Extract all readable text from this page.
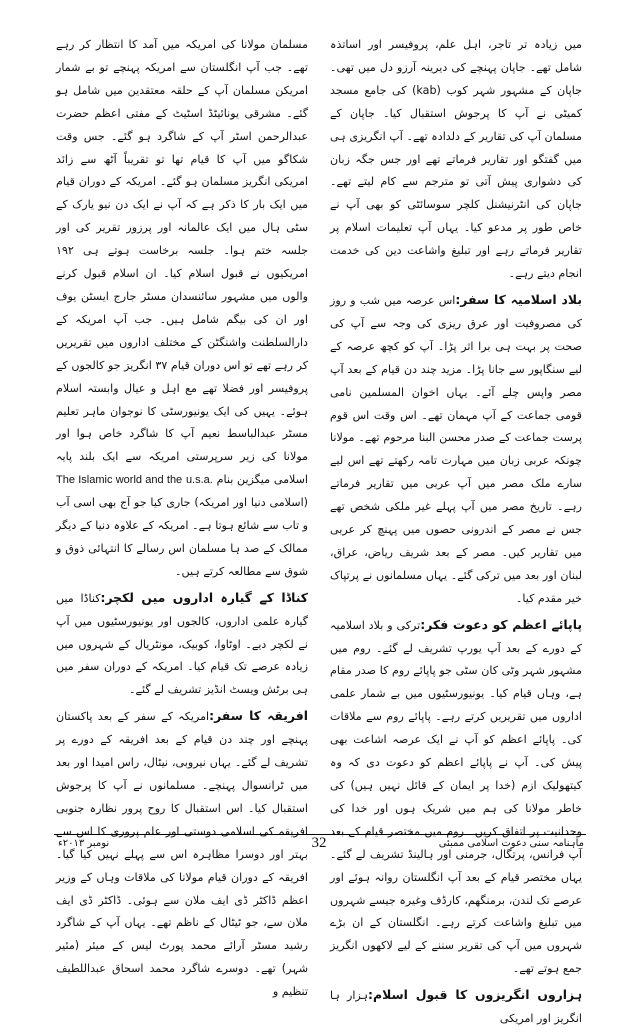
میں زیادہ تر تاجر، اہل علم، پروفیسر اور اساتذہ شامل تھے۔ جاپان پہنچے کی دیرینہ آرزو دل میں تھی۔ جاپان کے مشہور شہر کوب (kab) کی جامع مسجد کمیٹی نے آپ کا پرجوش استقبال کیا۔ جاپان کے مسلمان آپ کی تقاریر کے دلدادہ تھے۔ آپ انگریزی ہی میں گفتگو اور تقاریر فرماتے تھے اور جس جگہ زبان کی دشواری پیش آتی تو مترجم سے کام لیتے تھے۔ جاپان کی انٹرنیشنل کلچر سوسائٹی کو بھی آپ نے خاص طور پر مدعو کیا۔ یہاں آپ تعلیمات اسلام پر تقاریر فرماتے رہے اور تبلیغ واشاعت دین کی خدمت انجام دیتے رہے۔

بلاد اسلامیہ کا سفر:اس عرصہ میں شب و روز کی مصروفیت اور عرق ریزی کی وجہ سے آپ کی صحت پر بہت ہی برا اثر پڑا۔ آپ کو کچھ عرصہ کے لیے سنگاپور سے جانا پڑا۔ مزید چند دن قیام کے بعد آپ مصر واپس چلے آئے۔ یہاں اخوان المسلمین نامی قومی جماعت کے آپ مہمان تھے۔ اس وقت اس قوم پرست جماعت کے صدر محسن البنا مرحوم تھے۔ مولانا چونکہ عربی زبان میں مہارت تامہ رکھتے تھے اس لیے سارے ملک مصر میں آپ عربی میں تقاریر فرماتے رہے۔ تاریخ مصر میں آپ پہلے غیر ملکی شخص تھے جس نے مصر کے اندرونی حصوں میں پہنچ کر عربی میں تقاریر کیں۔ مصر کے بعد شریف ریاض، عراق، لبنان اور بعد میں ترکی گئے۔ یہاں مسلمانوں نے پرتپاک خیر مقدم کیا۔

پاپائے اعظم کو دعوت فکر:ترکی و بلاد اسلامیہ کے دورے کے بعد آپ یورپ تشریف لے گئے۔ روم میں مشہور شہر وٹی کان سٹی جو پاپائے روم کا صدر مقام ہے، وہاں قیام کیا۔ یونیورسٹیوں میں بے شمار علمی اداروں میں تقریریں کرتے رہے۔ پاپائے روم سے ملاقات کی۔ پاپائے اعظم کو آپ نے ایک عرصہ اشاعت بھی پیش کی۔ آپ نے پاپائے اعظم کو دعوت دی کہ وہ کیتھولیک ازم (خدا پر ایمان کے قائل نہیں ہیں) کی خاطر مولانا کی ہم میں شریک ہوں اور خدا کی وحدانیت پر اتفاق کریں۔ روم میں مختصر قیام کے بعد آپ فرانس، پرتگال، جرمنی اور ہالینڈ تشریف لے گئے۔ یہاں مختصر قیام کے بعد آپ انگلستان روانہ ہوئے اور عرصے تک لندن، برمنگھم، کارڈف وغیرہ جیسے شہروں میں تبلیغ واشاعت کرتے رہے۔ انگلستان کے ان بڑے شہروں میں آپ کی تقریر سننے کے لیے لاکھوں انگریز جمع ہوتے تھے۔

ہزاروں انگریزوں کا قبول اسلام:ہزار ہا انگریز اور امریکی

مسلمان مولانا کی امریکہ میں آمد کا انتظار کر رہے تھے۔ جب آپ انگلستان سے امریکہ پہنچے تو بے شمار امریکن مسلمان آپ کے حلقہ معتقدین میں شامل ہو گئے۔ مشرقی یونائیٹڈ اسٹیٹ کے مفتی اعظم حضرت عبدالرحمن اسٹر آپ کے شاگرد ہو گئے۔ جس وقت شکاگو میں آپ کا قیام تھا تو تقریباً آٹھ سے زائد امریکی انگریز مسلمان ہو گئے۔ امریکہ کے دوران قیام میں ایک بار کا ذکر ہے کہ آپ نے ایک دن نیو یارک کے سٹی ہال میں ایک عالمانہ اور پرزور تقریر کی اور جلسہ ختم ہوا۔ جلسہ برخاست ہوتے ہی ۱۹۲ امریکیوں نے قبول اسلام کیا۔ ان اسلام قبول کرنے والوں میں مشہور سائنسدان مسٹر جارج ایسٹن یوف اور ان کی بیگم شامل ہیں۔ جب آپ امریکہ کے دارالسلطنت واشنگٹن کے مختلف اداروں میں تقریریں کر رہے تھے تو اس دوران قیام ۳۷ انگریز جو کالجوں کے پروفیسر اور فضلا تھے مع اہل و عیال وابستہ اسلام ہوئے۔ یہیں کی ایک یونیورسٹی کا نوجوان ماہر تعلیم مسٹر عبدالباسط نعیم آپ کا شاگرد خاص ہوا اور مولانا کی زیر سرپرستی امریکہ سے ایک بلند پایہ اسلامی میگزین بنام The Islamic world and the u.s.a.(اسلامی دنیا اور امریکہ) جاری کیا جو آج بھی اسی آب و تاب سے شائع ہوتا ہے۔ امریکہ کے علاوہ دنیا کے دیگر ممالک کے صد ہا مسلمان اس رسالے کا انتہائی ذوق و شوق سے مطالعہ کرتے ہیں۔

کناڈا کے گیارہ اداروں میں لکچر:کناڈا میں گیارہ علمی اداروں، کالجوں اور یونیورسٹیوں میں آپ نے لکچر دیے۔ اوٹاوا، کوبیک، مونٹریال کے شہروں میں زیادہ عرصے تک قیام کیا۔ امریکہ کے دوران سفر میں ہی برٹش ویسٹ انڈیز تشریف لے گئے۔

افریقہ کا سفر:امریکہ کے سفر کے بعد پاکستان پہنچے اور چند دن قیام کے بعد افریقہ کے دورے پر تشریف لے گئے۔ یہاں نیروبی، نیٹال، راس امیدا اور بعد میں ٹرانسوال پہنچے۔ مسلمانوں نے آپ کا پرجوش استقبال کیا۔ اس استقبال کا روح پرور نظارہ جنوبی افریقہ کی اسلامی دوستی اور علم پروری کا اس سے بہتر اور دوسرا مظاہرہ اس سے پہلے نہیں کیا گیا۔ افریقہ کے دوران قیام مولانا کی ملاقات وہاں کے وزیر اعظم ڈاکٹر ڈی ایف ملان سے ہوئی۔ ڈاکٹر ڈی ایف ملان سے، جو ٹیٹال کے ناظم تھے۔ یہاں آپ کے شاگرد رشید مسٹر آرائے محمد پورٹ لیس کے میئر (مئیر شہر) تھے۔ دوسرے شاگرد محمد اسحاق عبداللطیف تنظیم و

ماہنامہ سنی دعوت اسلامی ممبئی
32
نومبر ۲۰۱۳ء
